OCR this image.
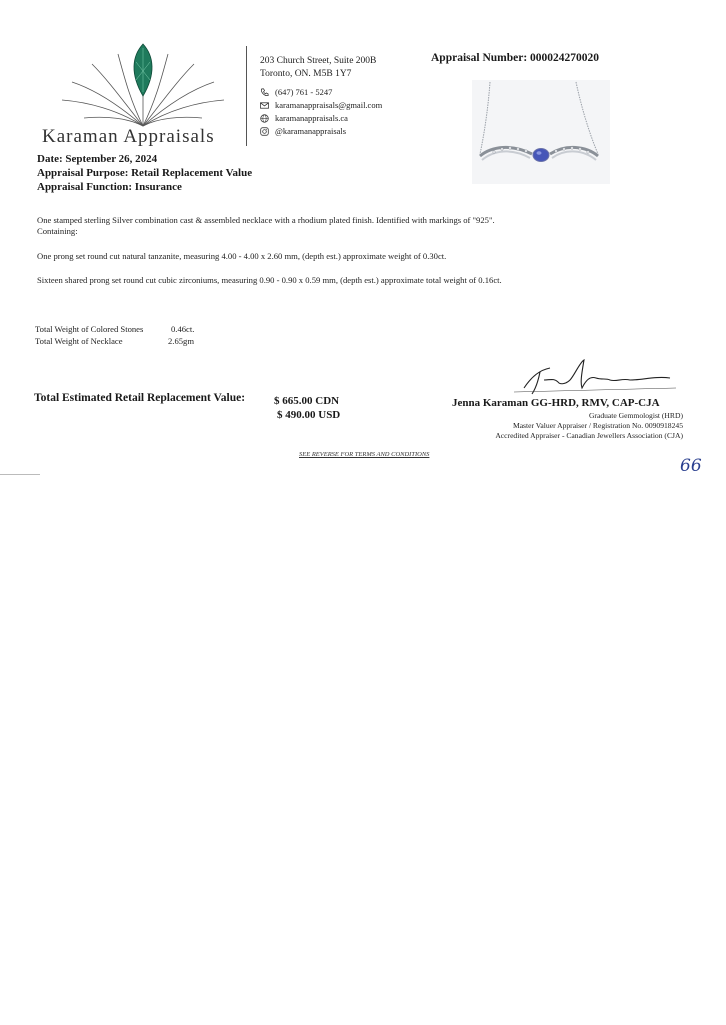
Karaman Appraisals
203 Church Street, Suite 200B
Toronto, ON. M5B 1Y7
(647) 761 - 5247
karamanappraisals@gmail.com
karamanappraisals.ca
@karamanappraisals
Appraisal Number: 000024270020
Date: September 26, 2024
Appraisal Purpose: Retail Replacement Value
Appraisal Function: Insurance
One stamped sterling Silver combination cast & assembled necklace with a rhodium plated finish. Identified with markings of "925".
Containing:
One prong set round cut natural tanzanite, measuring 4.00 - 4.00 x 2.60 mm, (depth est.) approximate weight of 0.30ct.
Sixteen shared prong set round cut cubic zirconiums, measuring 0.90 - 0.90 x 0.59 mm, (depth est.) approximate total weight of 0.16ct.
Total Weight of Colored Stones	0.46ct.
Total Weight of Necklace	2.65gm
Total Estimated Retail Replacement Value:	$ 665.00 CDN
$ 490.00 USD
Jenna Karaman GG-HRD, RMV, CAP-CJA
Graduate Gemmologist (HRD)
Master Valuer Appraiser / Registration No. 0090918245
Accredited Appraiser - Canadian Jewellers Association (CJA)
SEE REVERSE FOR TERMS AND CONDITIONS
66
